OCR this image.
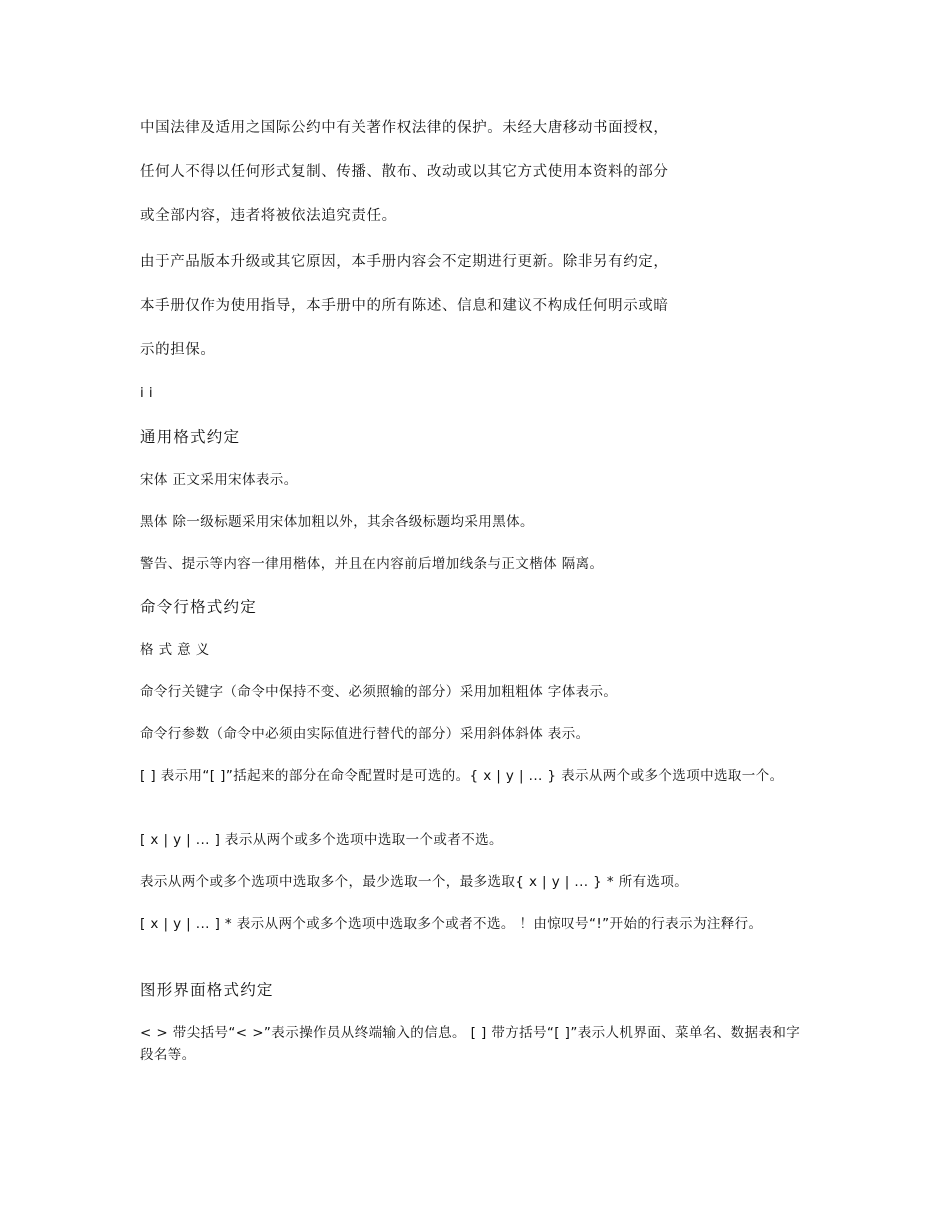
中国法律及适用之国际公约中有关著作权法律的保护。未经大唐移动书面授权，
任何人不得以任何形式复制、传播、散布、改动或以其它方式使用本资料的部分
或全部内容，违者将被依法追究责任。
由于产品版本升级或其它原因，本手册内容会不定期进行更新。除非另有约定，
本手册仅作为使用指导，本手册中的所有陈述、信息和建议不构成任何明示或暗
示的担保。
i i
通用格式约定
宋体 正文采用宋体表示。
黑体 除一级标题采用宋体加粗以外，其余各级标题均采用黑体。
警告、提示等内容一律用楷体，并且在内容前后增加线条与正文楷体 隔离。
命令行格式约定
格 式 意 义
命令行关键字（命令中保持不变、必须照输的部分）采用加粗粗体 字体表示。
命令行参数（命令中必须由实际值进行替代的部分）采用斜体斜体 表示。
[ ] 表示用“[ ]”括起来的部分在命令配置时是可选的。{ x | y | ... } 表示从两个或多个选项中选取一个。
[ x | y | ... ] 表示从两个或多个选项中选取一个或者不选。
表示从两个或多个选项中选取多个，最少选取一个，最多选取{ x | y | ... } * 所有选项。
[ x | y | ... ] * 表示从两个或多个选项中选取多个或者不选。 ！由惊叹号“!”开始的行表示为注释行。
图形界面格式约定
< > 带尖括号“< >”表示操作员从终端输入的信息。 [ ] 带方括号“[ ]”表示人机界面、菜单名、数据表和字段名等。
